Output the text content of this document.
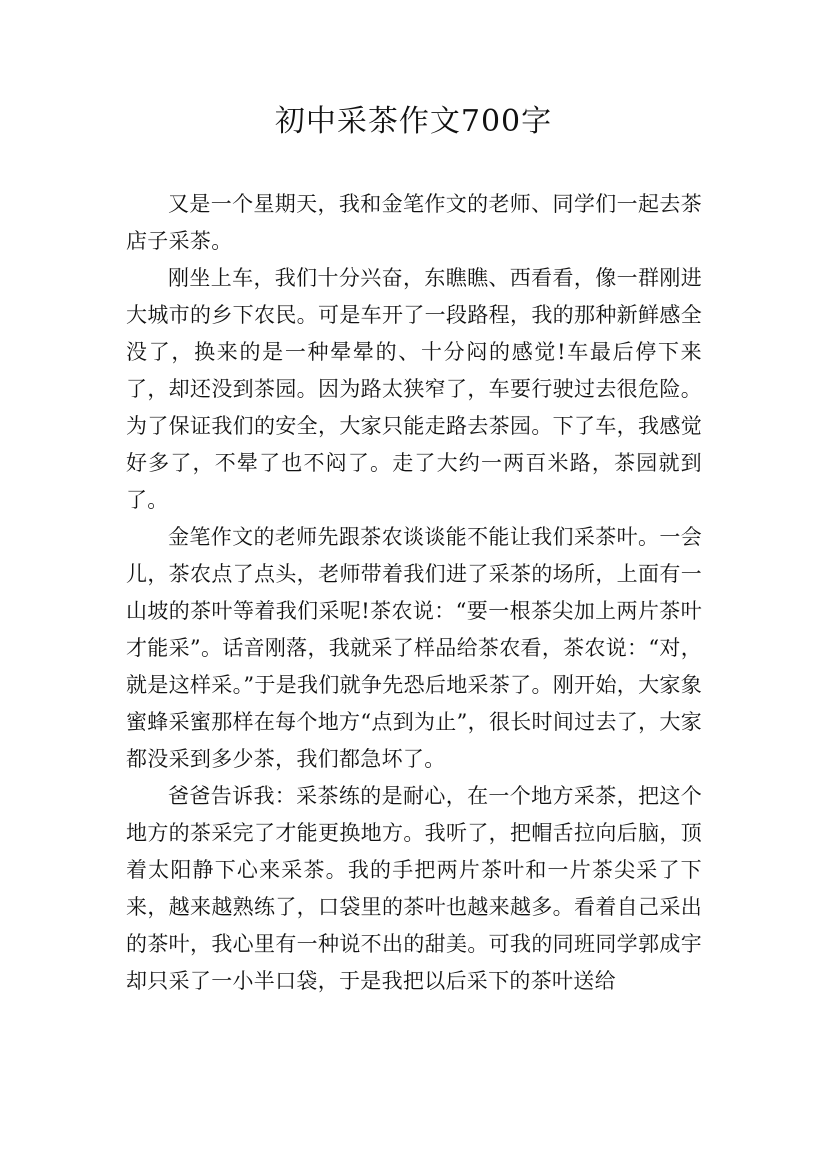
初中采茶作文700字

又是一个星期天，我和金笔作文的老师、同学们一起去茶店子采茶。

刚坐上车，我们十分兴奋，东瞧瞧、西看看，像一群刚进大城市的乡下农民。可是车开了一段路程，我的那种新鲜感全没了，换来的是一种晕晕的、十分闷的感觉!车最后停下来了，却还没到茶园。因为路太狭窄了，车要行驶过去很危险。为了保证我们的安全，大家只能走路去茶园。下了车，我感觉好多了，不晕了也不闷了。走了大约一两百米路，茶园就到了。

金笔作文的老师先跟茶农谈谈能不能让我们采茶叶。一会儿，茶农点了点头，老师带着我们进了采茶的场所，上面有一山坡的茶叶等着我们采呢!茶农说：“要一根茶尖加上两片茶叶才能采”。话音刚落，我就采了样品给茶农看，茶农说：“对，就是这样采。”于是我们就争先恐后地采茶了。刚开始，大家象蜜蜂采蜜那样在每个地方“点到为止”，很长时间过去了，大家都没采到多少茶，我们都急坏了。

爸爸告诉我：采茶练的是耐心，在一个地方采茶，把这个地方的茶采完了才能更换地方。我听了，把帽舌拉向后脑，顶着太阳静下心来采茶。我的手把两片茶叶和一片茶尖采了下来，越来越熟练了，口袋里的茶叶也越来越多。看着自己采出的茶叶，我心里有一种说不出的甜美。可我的同班同学郭成宇却只采了一小半口袋，于是我把以后采下的茶叶送给
